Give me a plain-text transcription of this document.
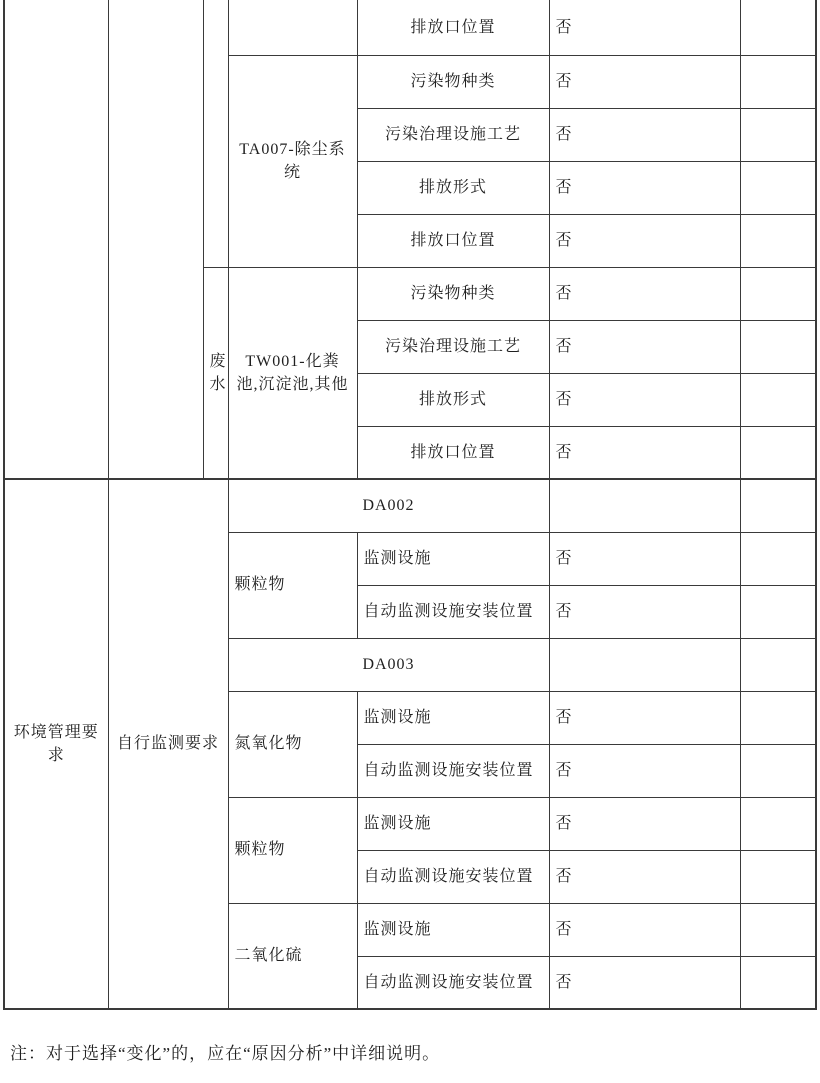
				排放口位置	否	
			TA007-除尘系统	污染物种类	否	
				污染治理设施工艺	否	
				排放形式	否	
				排放口位置	否	
		废水	TW001-化粪池,沉淀池,其他	污染物种类	否	
				污染治理设施工艺	否	
				排放形式	否	
				排放口位置	否	
环境管理要求	自行监测要求		DA002			
			颗粒物	监测设施	否	
				自动监测设施安装位置	否	
			DA003			
			氮氧化物	监测设施	否	
				自动监测设施安装位置	否	
			颗粒物	监测设施	否	
				自动监测设施安装位置	否	
			二氧化硫	监测设施	否	
				自动监测设施安装位置	否	
注：对于选择“变化”的，应在“原因分析”中详细说明。
